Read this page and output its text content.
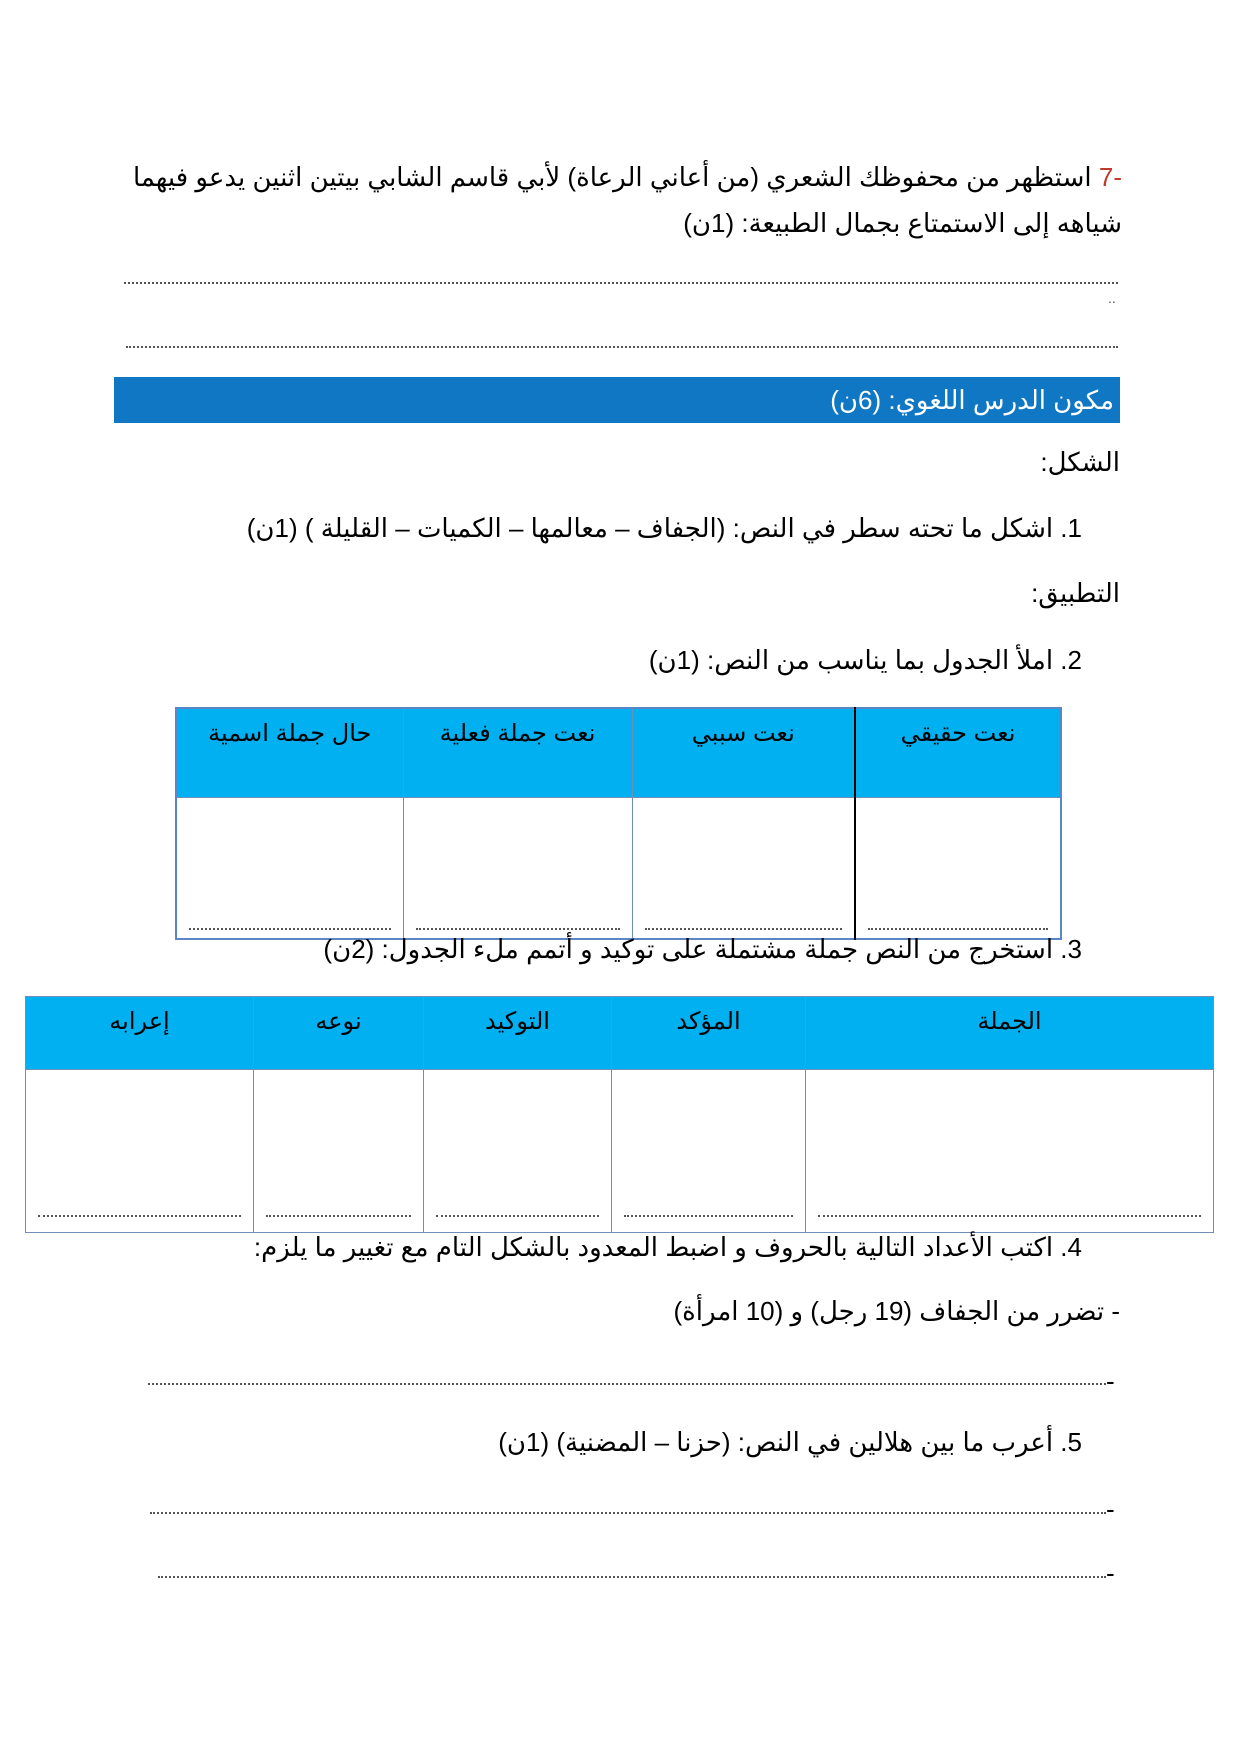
-7 استظهر من محفوظك الشعري (من أعاني الرعاة) لأبي قاسم الشابي بيتين اثنين يدعو فيهما
شياهه إلى الاستمتاع بجمال الطبيعة: (1ن)
..
مكون الدرس اللغوي: (6ن)
الشكل:
1. اشكل ما تحته سطر في النص: (الجفاف – معالمها – الكميات – القليلة ) (1ن)
التطبيق:
2. املأ الجدول بما يناسب من النص: (1ن)
نعت حقيقي	نعت سببي	نعت جملة فعلية	حال جملة اسمية

3. استخرج من النص جملة مشتملة على توكيد و أتمم ملء الجدول: (2ن)
الجملة	المؤكد	التوكيد	نوعه	إعرابه

4. اكتب الأعداد التالية بالحروف و اضبط المعدود بالشكل التام مع تغيير ما يلزم:
- تضرر من الجفاف (19 رجل) و (10 امرأة)
-
5. أعرب ما بين هلالين في النص: (حزنا – المضنية) (1ن)
-
-
